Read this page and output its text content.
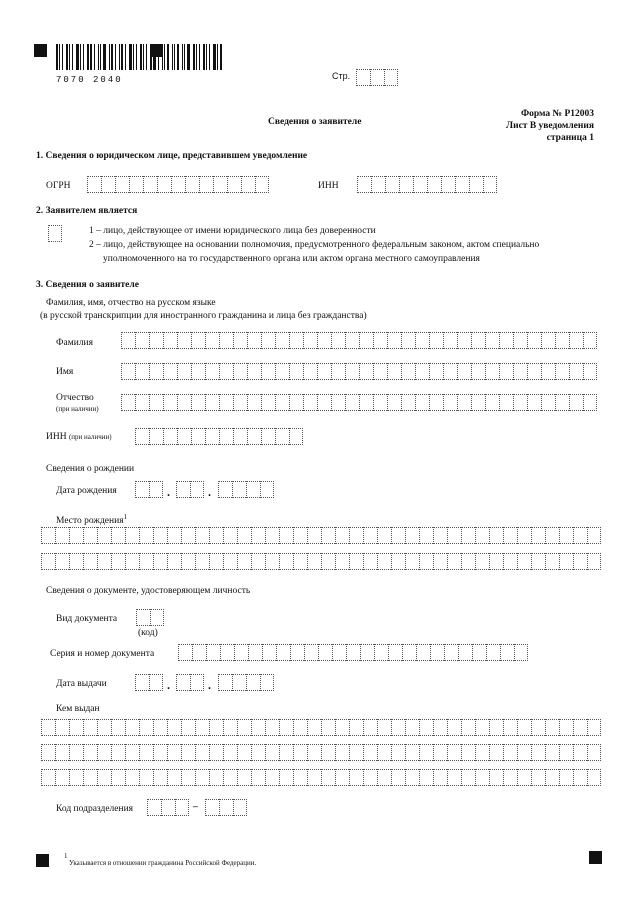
7070 2040	Стр.
Форма № Р12003
Лист В уведомления
страница 1
Сведения о заявителе
1. Сведения о юридическом лице, представившем уведомление
ОГРН	ИНН
2. Заявителем является
1 – лицо, действующее от имени юридического лица без доверенности
2 – лицо, действующее на основании полномочия, предусмотренного федеральным законом, актом специально
уполномоченного на то государственного органа или актом органа местного самоуправления
3. Сведения о заявителе
Фамилия, имя, отчество на русском языке
(в русской транскрипции для иностранного гражданина и лица без гражданства)
Фамилия
Имя
Отчество
(при наличии)
ИНН (при наличии)
Сведения о рождении
Дата рождения	.	.
Место рождения$^1$
Сведения о документе, удостоверяющем личность
Вид документа
(код)
Серия и номер документа
Дата выдачи	.	.
Кем выдан
Код подразделения	–
1
Указывается в отношении гражданина Российской Федерации.
